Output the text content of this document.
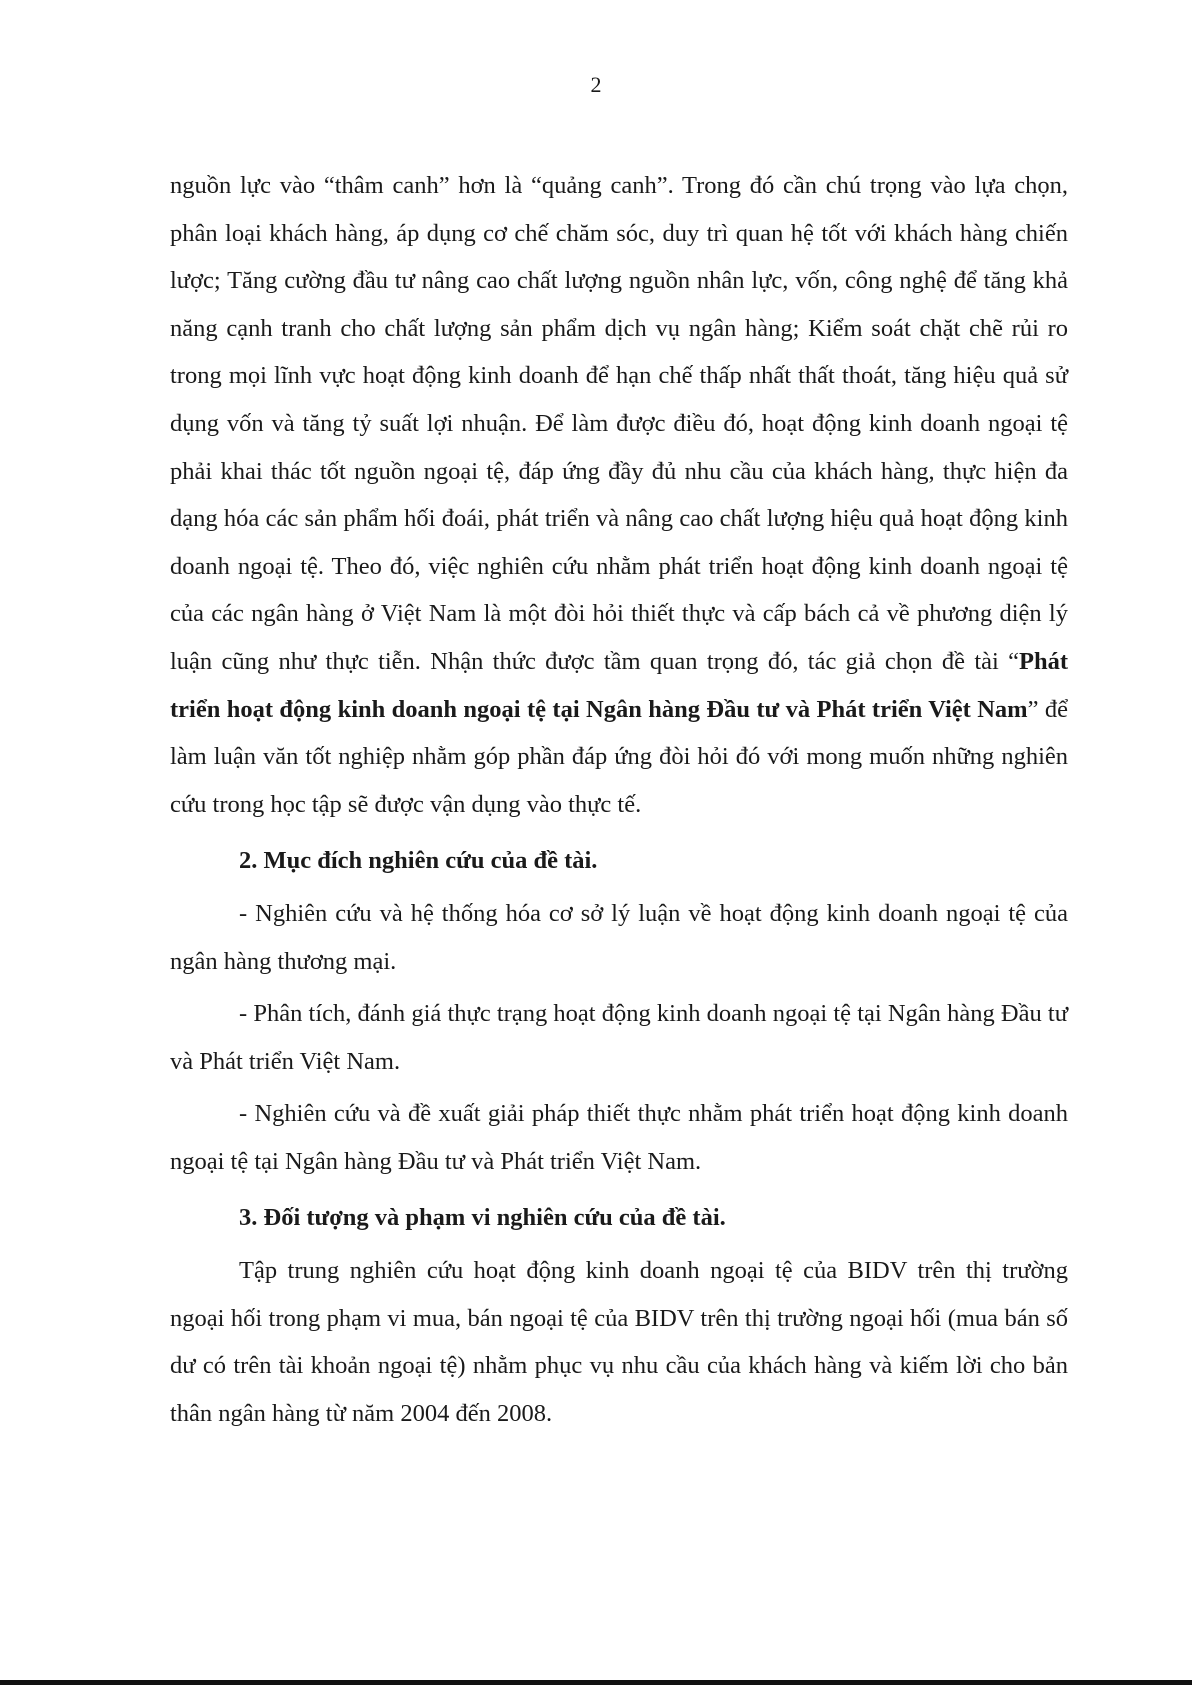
2

nguồn lực vào “thâm canh” hơn là “quảng canh”. Trong đó cần chú trọng vào lựa chọn, phân loại khách hàng, áp dụng cơ chế chăm sóc, duy trì quan hệ tốt với khách hàng chiến lược; Tăng cường đầu tư nâng cao chất lượng nguồn nhân lực, vốn, công nghệ để tăng khả năng cạnh tranh cho chất lượng sản phẩm dịch vụ ngân hàng; Kiểm soát chặt chẽ rủi ro trong mọi lĩnh vực hoạt động kinh doanh để hạn chế thấp nhất thất thoát, tăng hiệu quả sử dụng vốn và tăng tỷ suất lợi nhuận. Để làm được điều đó, hoạt động kinh doanh ngoại tệ phải khai thác tốt nguồn ngoại tệ, đáp ứng đầy đủ nhu cầu của khách hàng, thực hiện đa dạng hóa các sản phẩm hối đoái, phát triển và nâng cao chất lượng hiệu quả hoạt động kinh doanh ngoại tệ. Theo đó, việc nghiên cứu nhằm phát triển hoạt động kinh doanh ngoại tệ của các ngân hàng ở Việt Nam là một đòi hỏi thiết thực và cấp bách cả về phương diện lý luận cũng như thực tiễn. Nhận thức được tầm quan trọng đó, tác giả chọn đề tài “Phát triển hoạt động kinh doanh ngoại tệ tại Ngân hàng Đầu tư và Phát triển Việt Nam” để làm luận văn tốt nghiệp nhằm góp phần đáp ứng đòi hỏi đó với mong muốn những nghiên cứu trong học tập sẽ được vận dụng vào thực tế.

2. Mục đích nghiên cứu của đề tài.

- Nghiên cứu và hệ thống hóa cơ sở lý luận về hoạt động kinh doanh ngoại tệ của ngân hàng thương mại.

- Phân tích, đánh giá thực trạng hoạt động kinh doanh ngoại tệ tại Ngân hàng Đầu tư và Phát triển Việt Nam.

- Nghiên cứu và đề xuất giải pháp thiết thực nhằm phát triển hoạt động kinh doanh ngoại tệ tại Ngân hàng Đầu tư và Phát triển Việt Nam.

3. Đối tượng và phạm vi nghiên cứu của đề tài.

Tập trung nghiên cứu hoạt động kinh doanh ngoại tệ của BIDV trên thị trường ngoại hối trong phạm vi mua, bán ngoại tệ của BIDV trên thị trường ngoại hối (mua bán số dư có trên tài khoản ngoại tệ) nhằm phục vụ nhu cầu của khách hàng và kiếm lời cho bản thân ngân hàng từ năm 2004 đến 2008.
